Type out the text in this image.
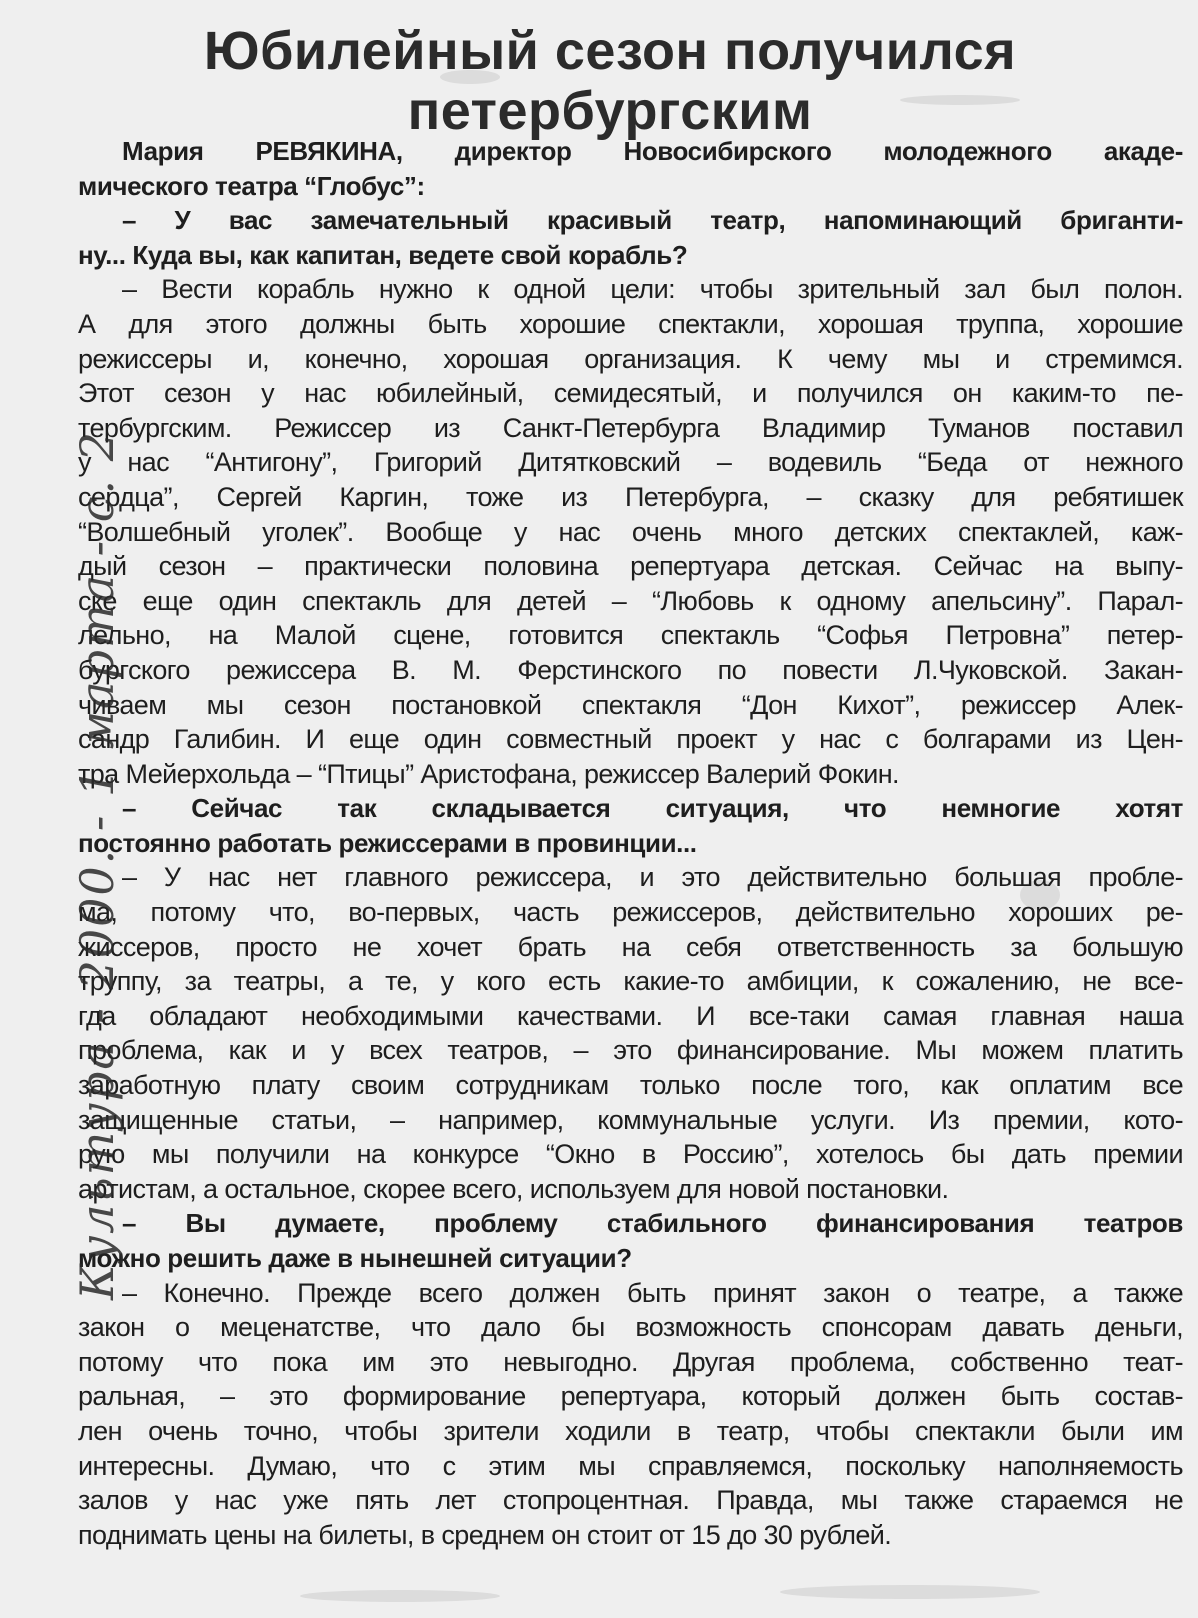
Юбилейный сезон получился
петербургским
Мария РЕВЯКИНА, директор Новосибирского молодежного акаде-
мического театра “Глобус”:
– У вас замечательный красивый театр, напоминающий бриганти-
ну... Куда вы, как капитан, ведете свой корабль?
– Вести корабль нужно к одной цели: чтобы зрительный зал был полон.
А для этого должны быть хорошие спектакли, хорошая труппа, хорошие
режиссеры и, конечно, хорошая организация. К чему мы и стремимся.
Этот сезон у нас юбилейный, семидесятый, и получился он каким-то пе-
тербургским. Режиссер из Санкт-Петербурга Владимир Туманов поставил
у нас “Антигону”, Григорий Дитятковский – водевиль “Беда от нежного
сердца”, Сергей Каргин, тоже из Петербурга, – сказку для ребятишек
“Волшебный уголек”. Вообще у нас очень много детских спектаклей, каж-
дый сезон – практически половина репертуара детская. Сейчас на выпу-
ске еще один спектакль для детей – “Любовь к одному апельсину”. Парал-
лельно, на Малой сцене, готовится спектакль “Софья Петровна” петер-
бургского режиссера В. М. Ферстинского по повести Л.Чуковской. Закан-
чиваем мы сезон постановкой спектакля “Дон Кихот”, режиссер Алек-
сандр Галибин. И еще один совместный проект у нас с болгарами из Цен-
тра Мейерхольда – “Птицы” Аристофана, режиссер Валерий Фокин.
– Сейчас так складывается ситуация, что немногие хотят
постоянно работать режиссерами в провинции...
– У нас нет главного режиссера, и это действительно большая пробле-
ма, потому что, во-первых, часть режиссеров, действительно хороших ре-
жиссеров, просто не хочет брать на себя ответственность за большую
труппу, за театры, а те, у кого есть какие-то амбиции, к сожалению, не все-
гда обладают необходимыми качествами. И все-таки самая главная наша
проблема, как и у всех театров, – это финансирование. Мы можем платить
заработную плату своим сотрудникам только после того, как оплатим все
защищенные статьи, – например, коммунальные услуги. Из премии, кото-
рую мы получили на конкурсе “Окно в Россию”, хотелось бы дать премии
артистам, а остальное, скорее всего, используем для новой постановки.
– Вы думаете, проблему стабильного финансирования театров
можно решить даже в нынешней ситуации?
– Конечно. Прежде всего должен быть принят закон о театре, а также
закон о меценатстве, что дало бы возможность спонсорам давать деньги,
потому что пока им это невыгодно. Другая проблема, собственно теат-
ральная, – это формирование репертуара, который должен быть состав-
лен очень точно, чтобы зрители ходили в театр, чтобы спектакли были им
интересны. Думаю, что с этим мы справляемся, поскольку наполняемость
залов у нас уже пять лет стопроцентная. Правда, мы также стараемся не
поднимать цены на билеты, в среднем он стоит от 15 до 30 рублей.
Культура - 2000. - 1 марта - с. 2
